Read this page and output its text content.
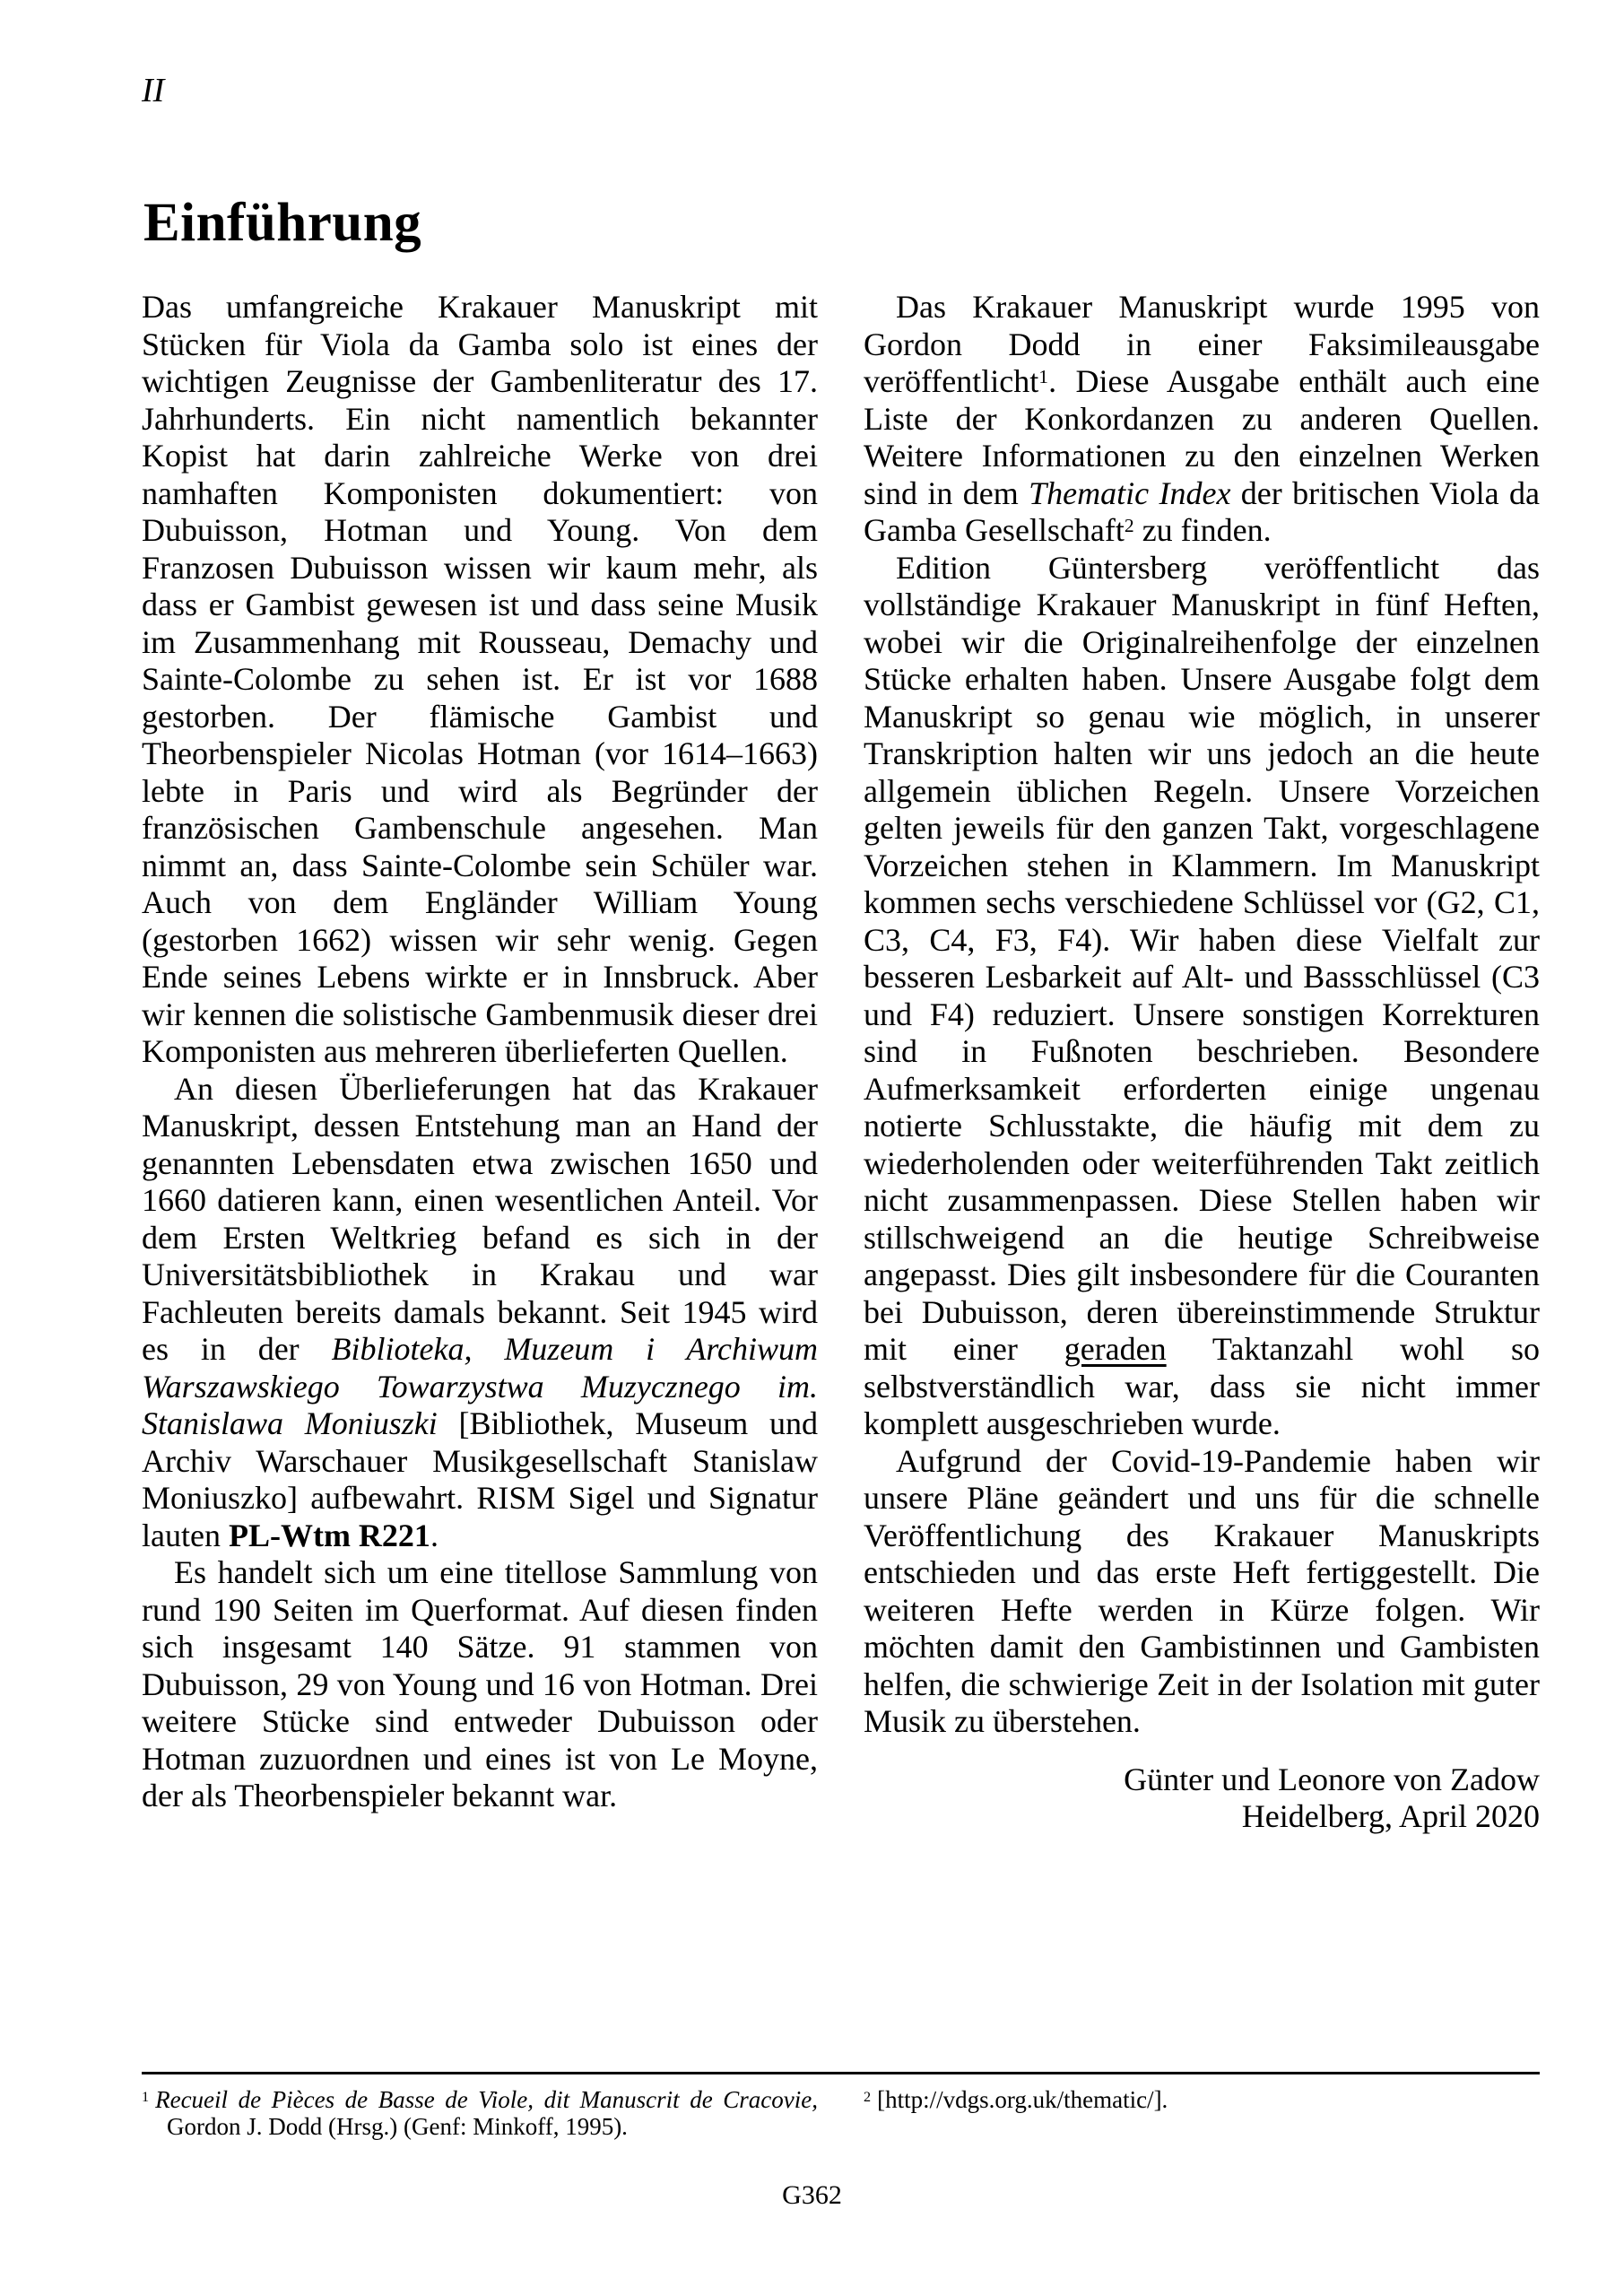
II
Einführung

Das umfangreiche Krakauer Manuskript mit Stücken für Viola da Gamba solo ist eines der wichtigen Zeugnisse der Gambenliteratur des 17. Jahrhunderts. Ein nicht namentlich bekannter Kopist hat darin zahlreiche Werke von drei namhaften Komponisten dokumentiert: von Dubuisson, Hotman und Young. Von dem Franzosen Dubuisson wissen wir kaum mehr, als dass er Gambist gewesen ist und dass seine Musik im Zusammenhang mit Rousseau, Demachy und Sainte-Colombe zu sehen ist. Er ist vor 1688 gestorben. Der flämische Gambist und Theorbenspieler Nicolas Hotman (vor 1614–1663) lebte in Paris und wird als Begründer der französischen Gambenschule angesehen. Man nimmt an, dass Sainte-Colombe sein Schüler war. Auch von dem Engländer William Young (gestorben 1662) wissen wir sehr wenig. Gegen Ende seines Lebens wirkte er in Innsbruck. Aber wir kennen die solistische Gambenmusik dieser drei Komponisten aus mehreren überlieferten Quellen.

An diesen Überlieferungen hat das Krakauer Manuskript, dessen Entstehung man an Hand der genannten Lebensdaten etwa zwischen 1650 und 1660 datieren kann, einen wesentlichen Anteil. Vor dem Ersten Weltkrieg befand es sich in der Universitätsbibliothek in Krakau und war Fachleuten bereits damals bekannt. Seit 1945 wird es in der Biblioteka, Muzeum i Archiwum Warszawskiego Towarzystwa Muzycznego im. Stanislawa Moniuszki [Bibliothek, Museum und Archiv Warschauer Musikgesellschaft Stanislaw Moniuszko] aufbewahrt. RISM Sigel und Signatur lauten PL-Wtm R221.

Es handelt sich um eine titellose Sammlung von rund 190 Seiten im Querformat. Auf diesen finden sich insgesamt 140 Sätze. 91 stammen von Dubuisson, 29 von Young und 16 von Hotman. Drei weitere Stücke sind entweder Dubuisson oder Hotman zuzuordnen und eines ist von Le Moyne, der als Theorbenspieler bekannt war.

Das Krakauer Manuskript wurde 1995 von Gordon Dodd in einer Faksimileausgabe veröffentlicht$^1$. Diese Ausgabe enthält auch eine Liste der Konkordanzen zu anderen Quellen. Weitere Informationen zu den einzelnen Werken sind in dem Thematic Index der britischen Viola da Gamba Gesellschaft$^2$ zu finden.

Edition Güntersberg veröffentlicht das vollständige Krakauer Manuskript in fünf Heften, wobei wir die Originalreihenfolge der einzelnen Stücke erhalten haben. Unsere Ausgabe folgt dem Manuskript so genau wie möglich, in unserer Transkription halten wir uns jedoch an die heute allgemein üblichen Regeln. Unsere Vorzeichen gelten jeweils für den ganzen Takt, vorgeschlagene Vorzeichen stehen in Klammern. Im Manuskript kommen sechs verschiedene Schlüssel vor (G2, C1, C3, C4, F3, F4). Wir haben diese Vielfalt zur besseren Lesbarkeit auf Alt- und Bassschlüssel (C3 und F4) reduziert. Unsere sonstigen Korrekturen sind in Fußnoten beschrieben. Besondere Aufmerksamkeit erforderten einige ungenau notierte Schlusstakte, die häufig mit dem zu wiederholenden oder weiterführenden Takt zeitlich nicht zusammenpassen. Diese Stellen haben wir stillschweigend an die heutige Schreibweise angepasst. Dies gilt insbesondere für die Couranten bei Dubuisson, deren übereinstimmende Struktur mit einer geraden Taktanzahl wohl so selbstverständlich war, dass sie nicht immer komplett ausgeschrieben wurde.

Aufgrund der Covid-19-Pandemie haben wir unsere Pläne geändert und uns für die schnelle Veröffentlichung des Krakauer Manuskripts entschieden und das erste Heft fertiggestellt. Die weiteren Hefte werden in Kürze folgen. Wir möchten damit den Gambistinnen und Gambisten helfen, die schwierige Zeit in der Isolation mit guter Musik zu überstehen.

Günter und Leonore von Zadow
Heidelberg, April 2020

$^1$ Recueil de Pièces de Basse de Viole, dit Manuscrit de Cracovie, Gordon J. Dodd (Hrsg.) (Genf: Minkoff, 1995).

$^2$ [http://vdgs.org.uk/thematic/].

G362
